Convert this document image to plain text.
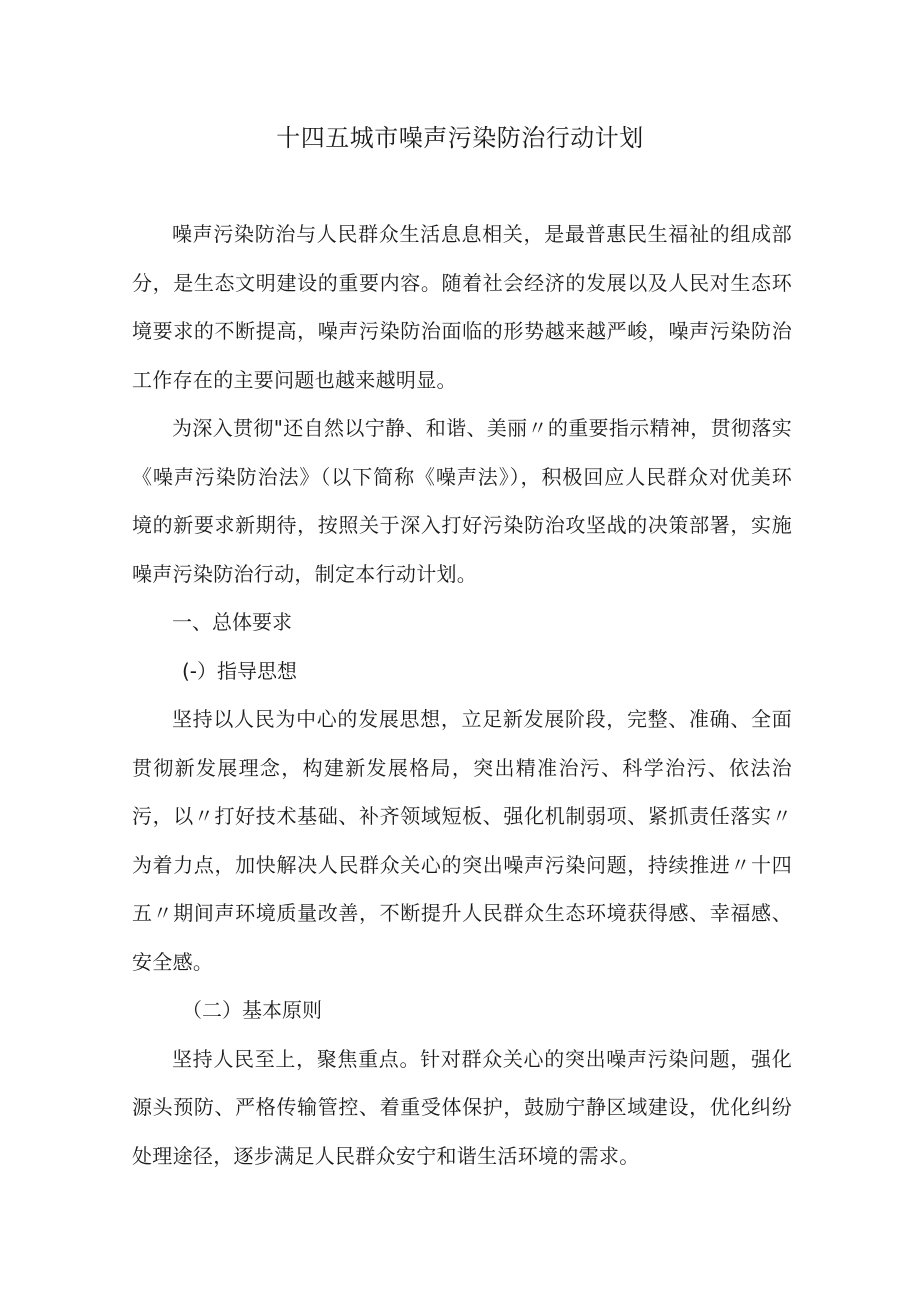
十四五城市噪声污染防治行动计划

噪声污染防治与人民群众生活息息相关，是最普惠民生福祉的组成部分，是生态文明建设的重要内容。随着社会经济的发展以及人民对生态环境要求的不断提高，噪声污染防治面临的形势越来越严峻，噪声污染防治工作存在的主要问题也越来越明显。

为深入贯彻"还自然以宁静、和谐、美丽〃的重要指示精神，贯彻落实《噪声污染防治法》（以下简称《噪声法》），积极回应人民群众对优美环境的新要求新期待，按照关于深入打好污染防治攻坚战的决策部署，实施噪声污染防治行动，制定本行动计划。

一、总体要求

(-）指导思想

坚持以人民为中心的发展思想，立足新发展阶段，完整、准确、全面贯彻新发展理念，构建新发展格局，突出精准治污、科学治污、依法治污，以〃打好技术基础、补齐领域短板、强化机制弱项、紧抓责任落实〃为着力点，加快解决人民群众关心的突出噪声污染问题，持续推进〃十四五〃期间声环境质量改善，不断提升人民群众生态环境获得感、幸福感、安全感。

（二）基本原则

坚持人民至上，聚焦重点。针对群众关心的突出噪声污染问题，强化源头预防、严格传输管控、着重受体保护，鼓励宁静区域建设，优化纠纷处理途径，逐步满足人民群众安宁和谐生活环境的需求。
